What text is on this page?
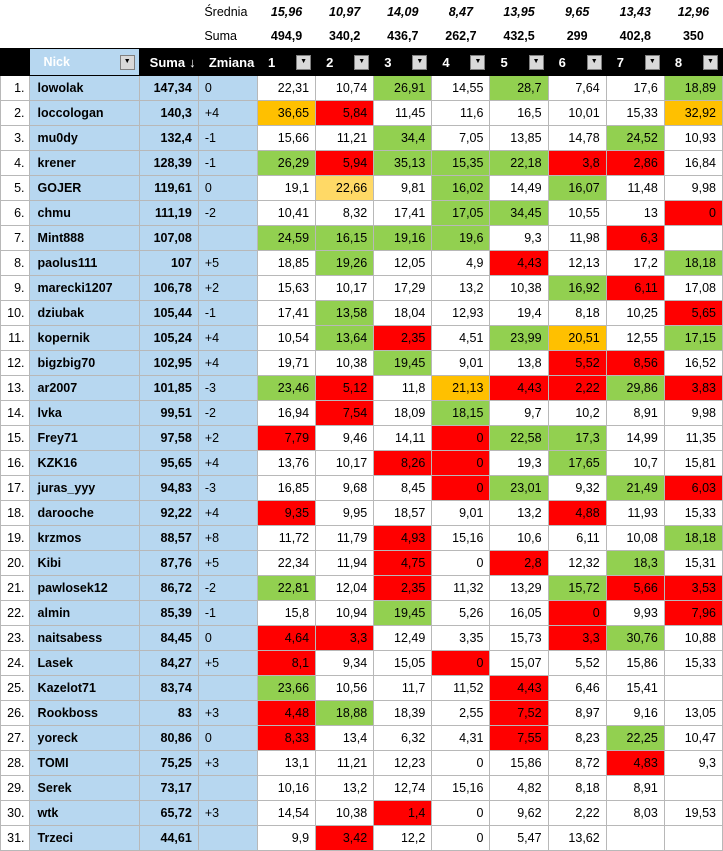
			Średnia	15,96	10,97	14,09	8,47	13,95	9,65	13,43	12,96
			Suma	494,9	340,2	436,7	262,7	432,5	299	402,8	350

	Nick ▼	Suma ↓	Zmiana	1 ▼	2 ▼	3 ▼	4 ▼	5 ▼	6 ▼	7 ▼	8 ▼

1.	lowolak	147,34	0	22,31	10,74	26,91	14,55	28,7	7,64	17,6	18,89
2.	loccologan	140,3	+4	36,65	5,84	11,45	11,6	16,5	10,01	15,33	32,92
3.	mu0dy	132,4	-1	15,66	11,21	34,4	7,05	13,85	14,78	24,52	10,93
4.	krener	128,39	-1	26,29	5,94	35,13	15,35	22,18	3,8	2,86	16,84
5.	GOJER	119,61	0	19,1	22,66	9,81	16,02	14,49	16,07	11,48	9,98
6.	chmu	111,19	-2	10,41	8,32	17,41	17,05	34,45	10,55	13	0
7.	Mint888	107,08		24,59	16,15	19,16	19,6	9,3	11,98	6,3	
8.	paolus111	107	+5	18,85	19,26	12,05	4,9	4,43	12,13	17,2	18,18
9.	marecki1207	106,78	+2	15,63	10,17	17,29	13,2	10,38	16,92	6,11	17,08
10.	dziubak	105,44	-1	17,41	13,58	18,04	12,93	19,4	8,18	10,25	5,65
11.	kopernik	105,24	+4	10,54	13,64	2,35	4,51	23,99	20,51	12,55	17,15
12.	bigzbig70	102,95	+4	19,71	10,38	19,45	9,01	13,8	5,52	8,56	16,52
13.	ar2007	101,85	-3	23,46	5,12	11,8	21,13	4,43	2,22	29,86	3,83
14.	lvka	99,51	-2	16,94	7,54	18,09	18,15	9,7	10,2	8,91	9,98
15.	Frey71	97,58	+2	7,79	9,46	14,11	0	22,58	17,3	14,99	11,35
16.	KZK16	95,65	+4	13,76	10,17	8,26	0	19,3	17,65	10,7	15,81
17.	juras_yyy	94,83	-3	16,85	9,68	8,45	0	23,01	9,32	21,49	6,03
18.	darooche	92,22	+4	9,35	9,95	18,57	9,01	13,2	4,88	11,93	15,33
19.	krzmos	88,57	+8	11,72	11,79	4,93	15,16	10,6	6,11	10,08	18,18
20.	Kibi	87,76	+5	22,34	11,94	4,75	0	2,8	12,32	18,3	15,31
21.	pawlosek12	86,72	-2	22,81	12,04	2,35	11,32	13,29	15,72	5,66	3,53
22.	almin	85,39	-1	15,8	10,94	19,45	5,26	16,05	0	9,93	7,96
23.	naitsabess	84,45	0	4,64	3,3	12,49	3,35	15,73	3,3	30,76	10,88
24.	Lasek	84,27	+5	8,1	9,34	15,05	0	15,07	5,52	15,86	15,33
25.	Kazelot71	83,74		23,66	10,56	11,7	11,52	4,43	6,46	15,41	
26.	Rookboss	83	+3	4,48	18,88	18,39	2,55	7,52	8,97	9,16	13,05
27.	yoreck	80,86	0	8,33	13,4	6,32	4,31	7,55	8,23	22,25	10,47
28.	TOMI	75,25	+3	13,1	11,21	12,23	0	15,86	8,72	4,83	9,3
29.	Serek	73,17		10,16	13,2	12,74	15,16	4,82	8,18	8,91	
30.	wtk	65,72	+3	14,54	10,38	1,4	0	9,62	2,22	8,03	19,53
31.	Trzeci	44,61		9,9	3,42	12,2	0	5,47	13,62		
